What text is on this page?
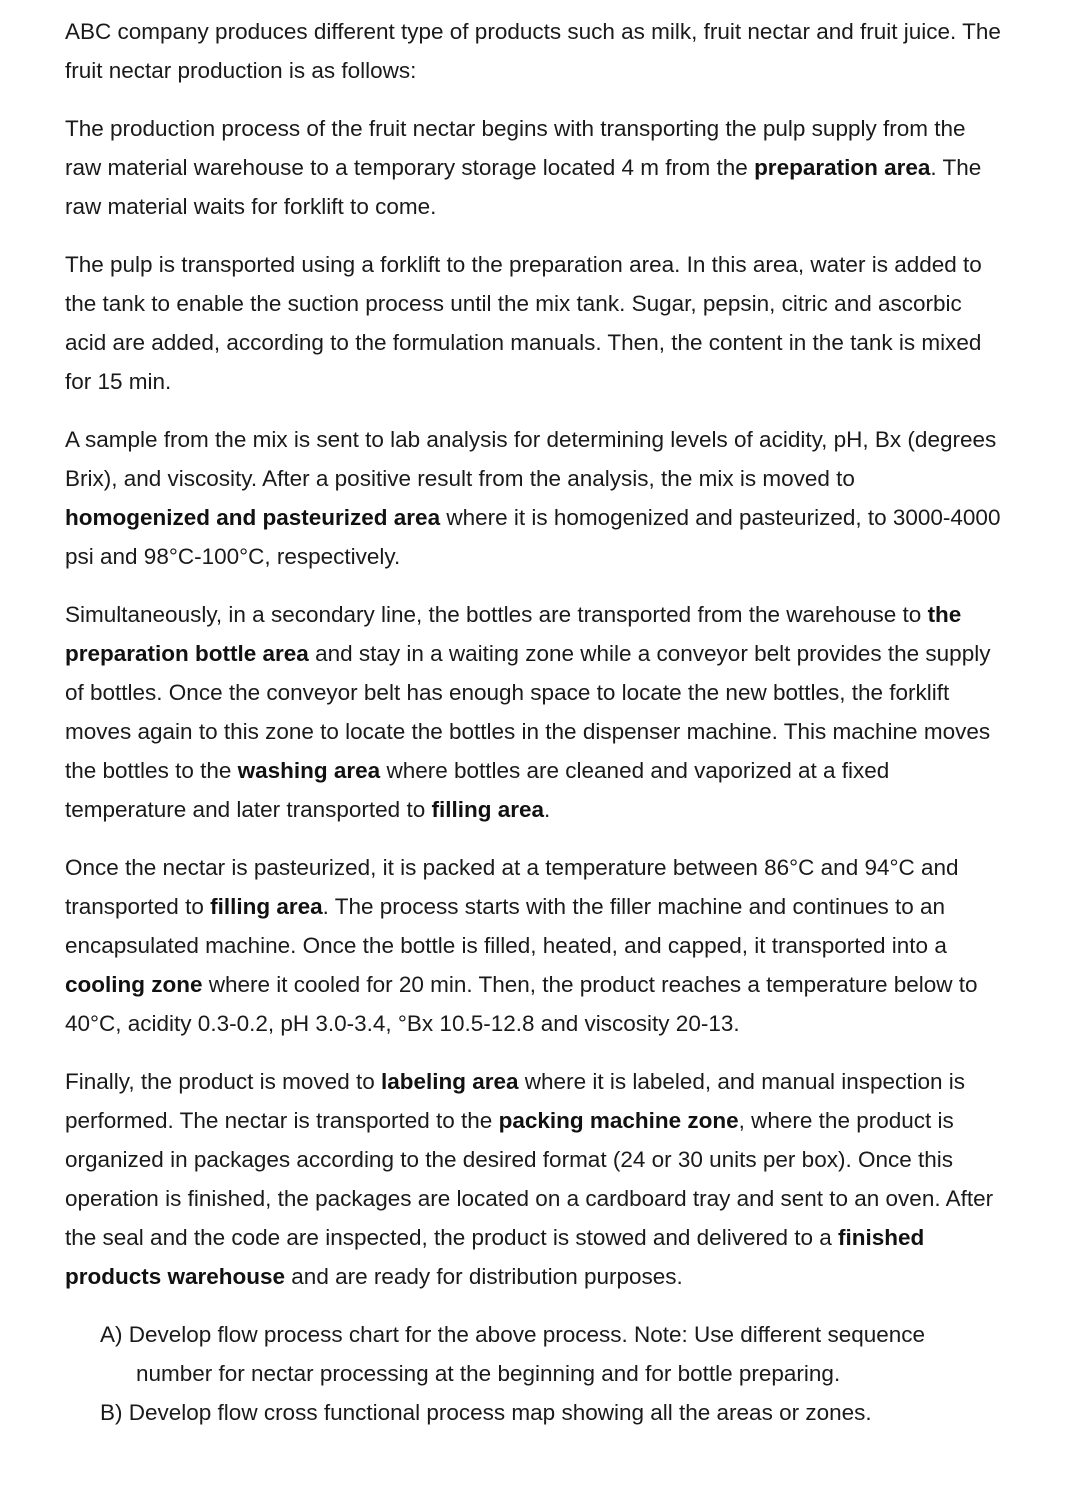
ABC company produces different type of products such as milk, fruit nectar and fruit juice. The fruit nectar production is as follows:

The production process of the fruit nectar begins with transporting the pulp supply from the raw material warehouse to a temporary storage located 4 m from the preparation area. The raw material waits for forklift to come.

The pulp is transported using a forklift to the preparation area. In this area, water is added to the tank to enable the suction process until the mix tank. Sugar, pepsin, citric and ascorbic acid are added, according to the formulation manuals. Then, the content in the tank is mixed for 15 min.

A sample from the mix is sent to lab analysis for determining levels of acidity, pH, Bx (degrees Brix), and viscosity. After a positive result from the analysis, the mix is moved to homogenized and pasteurized area where it is homogenized and pasteurized, to 3000-4000 psi and 98°C-100°C, respectively.

Simultaneously, in a secondary line, the bottles are transported from the warehouse to the preparation bottle area and stay in a waiting zone while a conveyor belt provides the supply of bottles. Once the conveyor belt has enough space to locate the new bottles, the forklift moves again to this zone to locate the bottles in the dispenser machine. This machine moves the bottles to the washing area where bottles are cleaned and vaporized at a fixed temperature and later transported to filling area.

Once the nectar is pasteurized, it is packed at a temperature between 86°C and 94°C and transported to filling area. The process starts with the filler machine and continues to an encapsulated machine. Once the bottle is filled, heated, and capped, it transported into a cooling zone where it cooled for 20 min. Then, the product reaches a temperature below to 40°C, acidity 0.3-0.2, pH 3.0-3.4, °Bx 10.5-12.8 and viscosity 20-13.

Finally, the product is moved to labeling area where it is labeled, and manual inspection is performed. The nectar is transported to the packing machine zone, where the product is organized in packages according to the desired format (24 or 30 units per box). Once this operation is finished, the packages are located on a cardboard tray and sent to an oven. After the seal and the code are inspected, the product is stowed and delivered to a finished products warehouse and are ready for distribution purposes.

A) Develop flow process chart for the above process. Note: Use different sequence number for nectar processing at the beginning and for bottle preparing.

B) Develop flow cross functional process map showing all the areas or zones.
